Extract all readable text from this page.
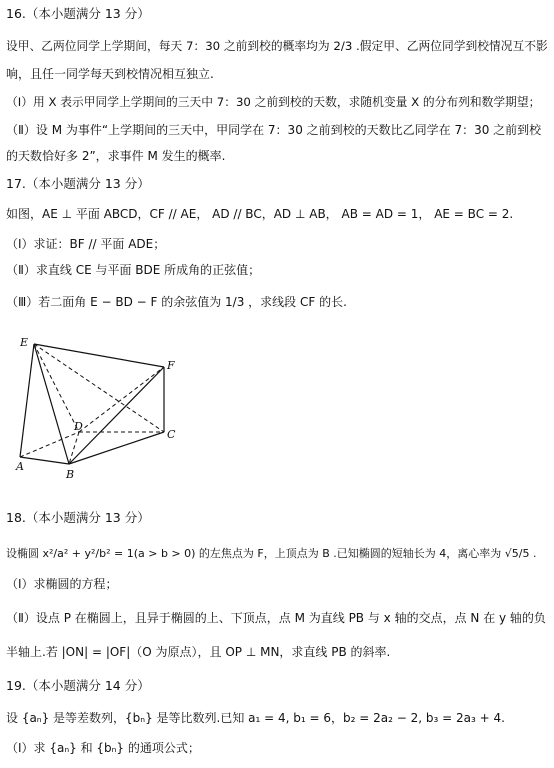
16.（本小题满分 13 分）
设甲、乙两位同学上学期间，每天 7：30 之前到校的概率均为 2/3 .假定甲、乙两位同学到校情况互不影
响，且任一同学每天到校情况相互独立.
（Ⅰ）用 X 表示甲同学上学期间的三天中 7：30 之前到校的天数，求随机变量 X 的分布列和数学期望；
（Ⅱ）设 M 为事件“上学期间的三天中，甲同学在 7：30 之前到校的天数比乙同学在 7：30 之前到校
的天数恰好多 2”，求事件 M 发生的概率.
17.（本小题满分 13 分）
如图，AE ⊥ 平面 ABCD，CF // AE， AD // BC，AD ⊥ AB， AB = AD = 1， AE = BC = 2.
（Ⅰ）求证：BF // 平面 ADE；
（Ⅱ）求直线 CE 与平面 BDE 所成角的正弦值；
（Ⅲ）若二面角 E − BD − F 的余弦值为 1/3 ，求线段 CF 的长.
E
F
D
C
A
B
18.（本小题满分 13 分）
设椭圆 x²/a² + y²/b² = 1(a > b > 0) 的左焦点为 F，上顶点为 B .已知椭圆的短轴长为 4，离心率为 √5/5 .
（Ⅰ）求椭圆的方程；
（Ⅱ）设点 P 在椭圆上，且异于椭圆的上、下顶点，点 M 为直线 PB 与 x 轴的交点，点 N 在 y 轴的负
半轴上.若 |ON| = |OF|（O 为原点），且 OP ⊥ MN，求直线 PB 的斜率.
19.（本小题满分 14 分）
设 {aₙ} 是等差数列，{bₙ} 是等比数列.已知 a₁ = 4, b₁ = 6，b₂ = 2a₂ − 2, b₃ = 2a₃ + 4.
（Ⅰ）求 {aₙ} 和 {bₙ} 的通项公式；
